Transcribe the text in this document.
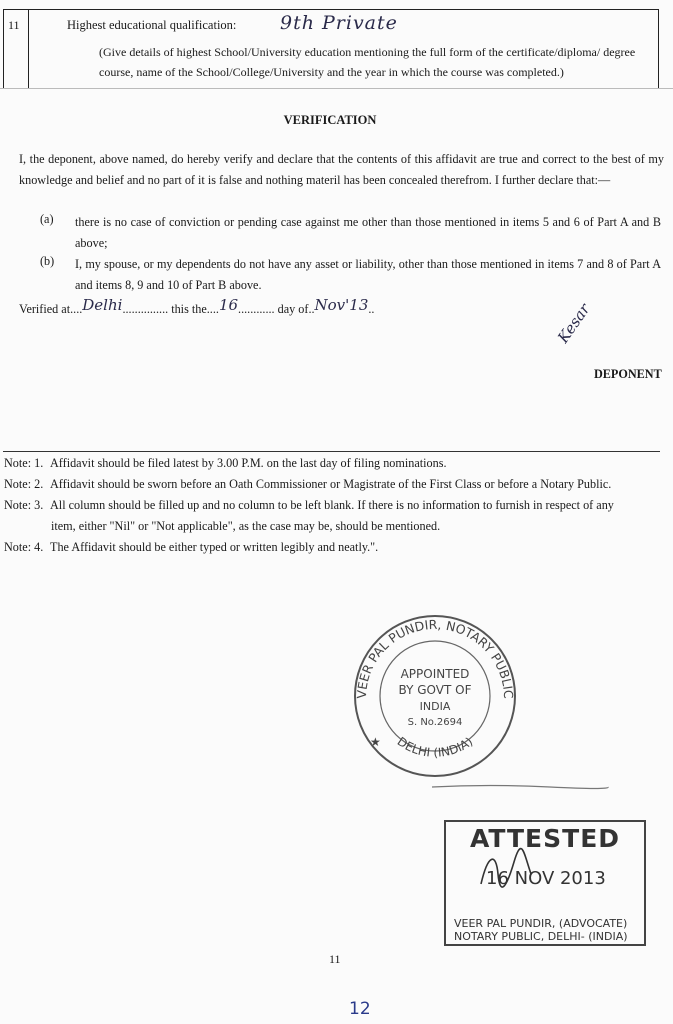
11	Highest educational qualification: 9th Private
(Give details of highest School/University education mentioning the full form of the certificate/diploma/ degree course, name of the School/College/University and the year in which the course was completed.)
VERIFICATION
I, the deponent, above named, do hereby verify and declare that the contents of this affidavit are true and correct to the best of my knowledge and belief and no part of it is false and nothing materil has been concealed therefrom. I further declare that:—
(a) there is no case of conviction or pending case against me other than those mentioned in items 5 and 6 of Part A and B above;
(b) I, my spouse, or my dependents do not have any asset or liability, other than those mentioned in items 7 and 8 of Part A and items 8, 9 and 10 of Part B above.
Verified at....Delhi............... this the....16............ day of..Nov'13..	Kesar
DEPONENT
Note: 1. Affidavit should be filed latest by 3.00 P.M. on the last day of filing nominations.
Note: 2. Affidavit should be sworn before an Oath Commissioner or Magistrate of the First Class or before a Notary Public.
Note: 3. All column should be filled up and no column to be left blank. If there is no information to furnish in respect of any
item, either "Nil" or "Not applicable", as the case may be, should be mentioned.
Note: 4. The Affidavit should be either typed or written legibly and neatly.".
VEER PAL PUNDIR, NOTARY PUBLIC
DELHI (INDIA)
APPOINTED
BY GOVT OF
INDIA
S. No.2694
★
ATTESTED
16 NOV 2013
VEER PAL PUNDIR, (ADVOCATE)
NOTARY PUBLIC, DELHI- (INDIA)
11
12
